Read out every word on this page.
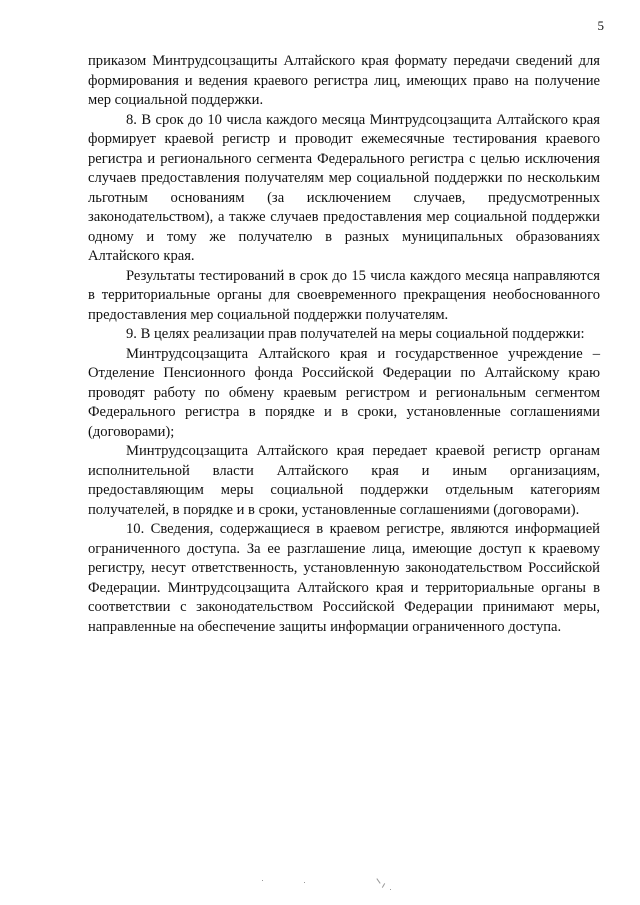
5

приказом Минтрудсоцзащиты Алтайского края формату передачи сведений для формирования и ведения краевого регистра лиц, имеющих право на получение мер социальной поддержки.

8. В срок до 10 числа каждого месяца Минтрудсоцзащита Алтайского края формирует краевой регистр и проводит ежемесячные тестирования краевого регистра и регионального сегмента Федерального регистра с целью исключения случаев предоставления получателям мер социальной поддержки по нескольким льготным основаниям (за исключением случаев, предусмотренных законодательством), а также случаев предоставления мер социальной поддержки одному и тому же получателю в разных муниципальных образованиях Алтайского края.

Результаты тестирований в срок до 15 числа каждого месяца направляются в территориальные органы для своевременного прекращения необоснованного предоставления мер социальной поддержки получателям.

9. В целях реализации прав получателей на меры социальной поддержки:

Минтрудсоцзащита Алтайского края и государственное учреждение – Отделение Пенсионного фонда Российской Федерации по Алтайскому краю проводят работу по обмену краевым регистром и региональным сегментом Федерального регистра в порядке и в сроки, установленные соглашениями (договорами);

Минтрудсоцзащита Алтайского края передает краевой регистр органам исполнительной власти Алтайского края и иным организациям, предоставляющим меры социальной поддержки отдельным категориям получателей, в порядке и в сроки, установленные соглашениями (договорами).

10. Сведения, содержащиеся в краевом регистре, являются информацией ограниченного доступа. За ее разглашение лица, имеющие доступ к краевому регистру, несут ответственность, установленную законодательством Российской Федерации. Минтрудсоцзащита Алтайского края и территориальные органы в соответствии с законодательством Российской Федерации принимают меры, направленные на обеспечение защиты информации ограниченного доступа.
